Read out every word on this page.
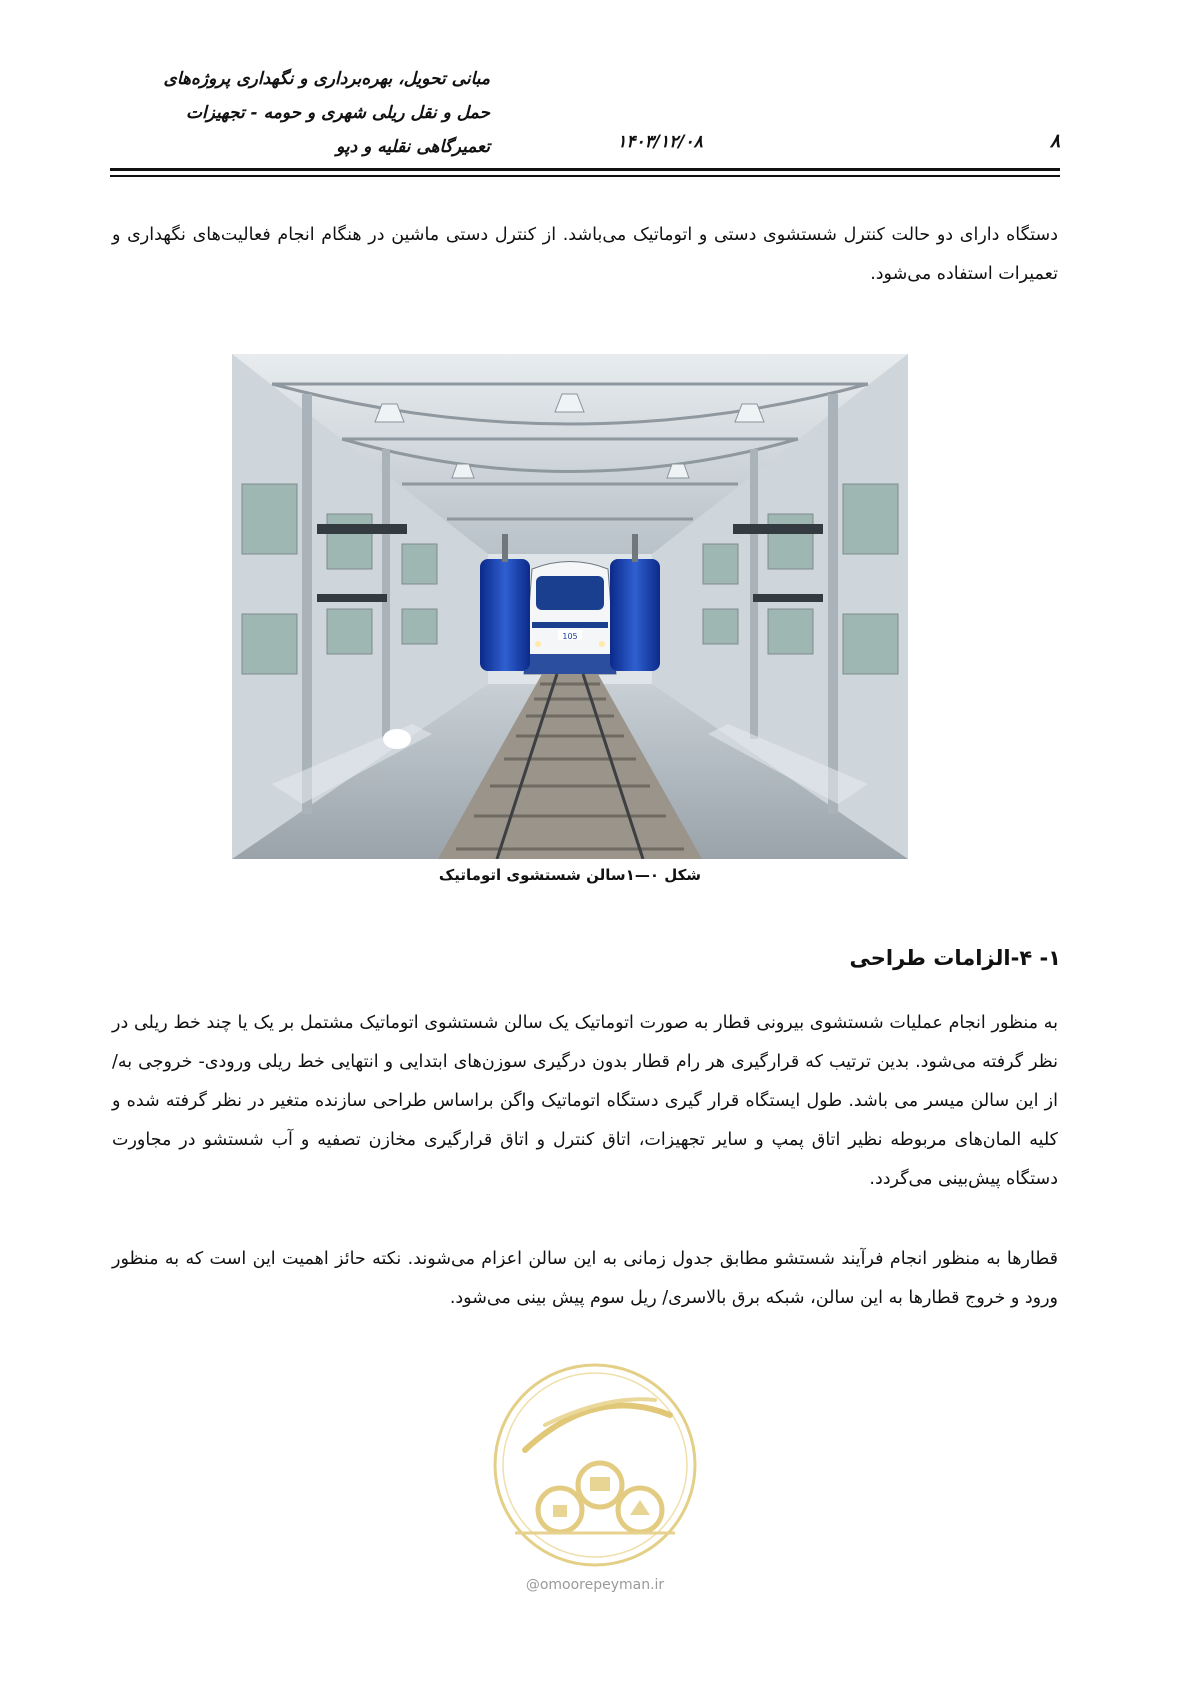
مبانی تحویل، بهره‌برداری و نگهداری پروژه‌های
حمل و نقل ریلی شهری و حومه - تجهیزات
تعمیرگاهی نقلیه و دپو	۱۴۰۳/۱۲/۰۸	۸

دستگاه دارای دو حالت کنترل شستشوی دستی و اتوماتیک می‌باشد. از کنترل دستی ماشین در هنگام انجام فعالیت‌های نگهداری و تعمیرات استفاده می‌شود.

105
شکل ۰—۱سالن شستشوی اتوماتیک
۱- ۴-الزامات طراحی

به منظور انجام عملیات شستشوی بیرونی قطار به صورت اتوماتیک یک سالن شستشوی اتوماتیک مشتمل بر یک یا چند خط ریلی در نظر گرفته می‌شود. بدین ترتیب که قرارگیری هر رام قطار بدون درگیری سوزن‌های ابتدایی و انتهایی خط ریلی ورودی- خروجی به/از این سالن میسر می باشد. طول ایستگاه قرار گیری دستگاه اتوماتیک واگن براساس طراحی سازنده متغیر در نظر گرفته شده و کلیه المان‌های مربوطه نظیر اتاق پمپ و سایر تجهیزات، اتاق کنترل و اتاق قرارگیری مخازن تصفیه و آب شستشو در مجاورت دستگاه پیش‌بینی می‌گردد.

قطارها به منظور انجام فرآیند شستشو مطابق جدول زمانی به این سالن اعزام می‌شوند. نکته حائز اهمیت این است که به منظور ورود و خروج قطارها به این سالن، شبکه برق بالاسری/ ریل سوم پیش بینی می‌شود.

@omoorepeyman.ir
